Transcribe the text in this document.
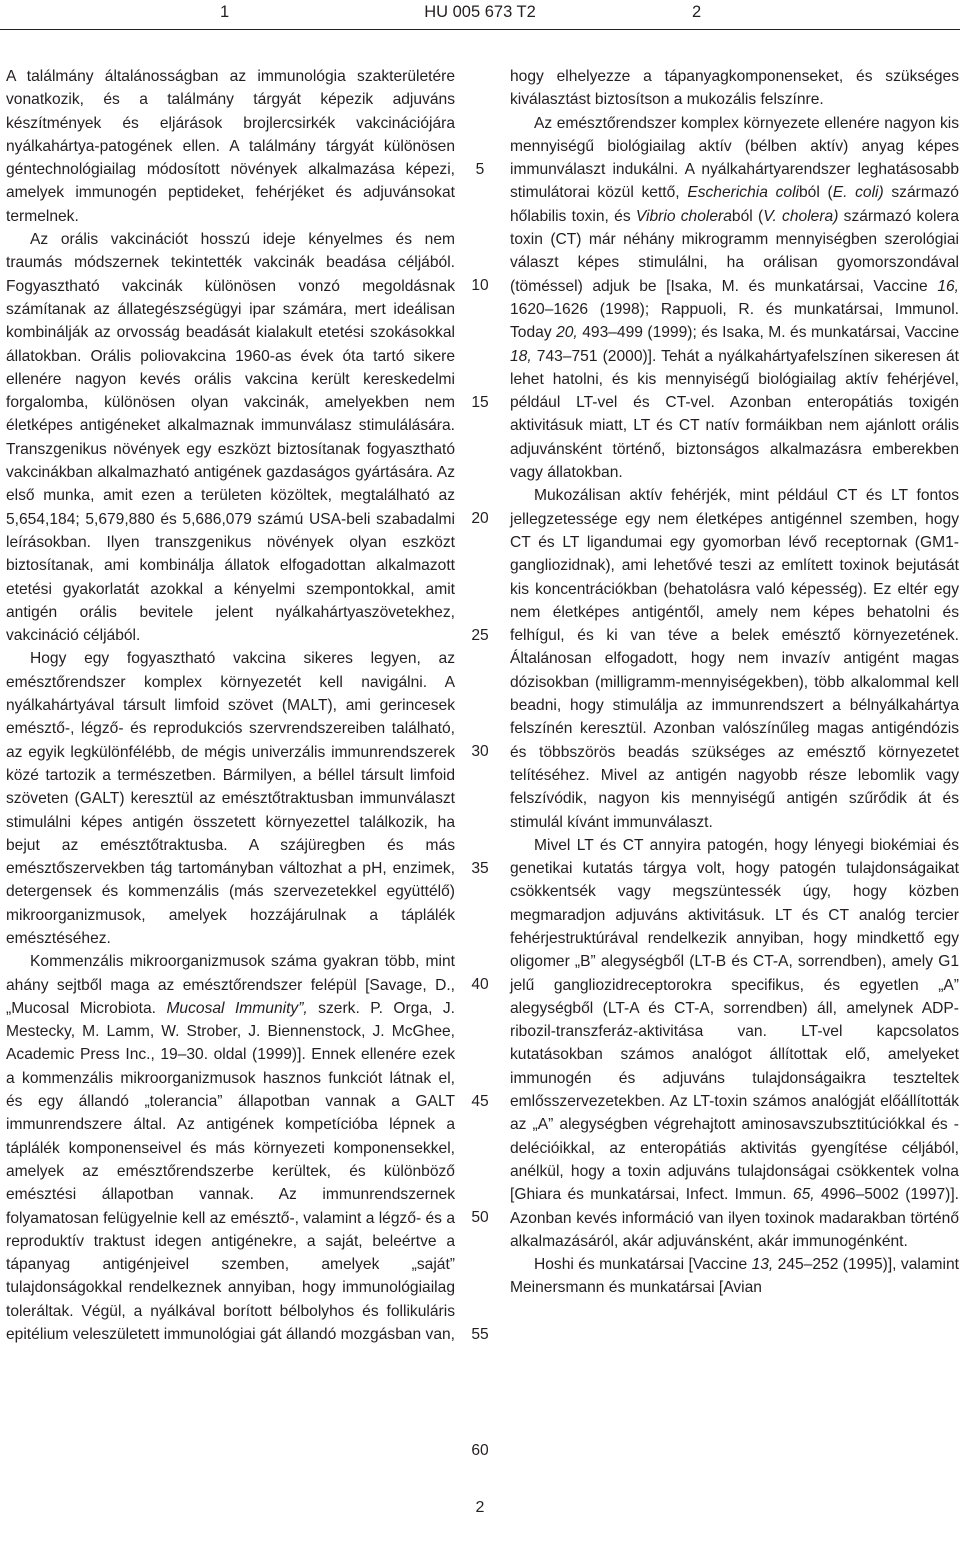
1	HU 005 673 T2	2

A találmány általánosságban az immunológia szakterületére vonatkozik, és a találmány tárgyát képezik adjuváns készítmények és eljárások brojlercsirkék vakcinációjára nyálkahártya-patogének ellen. A találmány tárgyát különösen géntechnológiailag módosított növények alkalmazása képezi, amelyek immunogén peptideket, fehérjéket és adjuvánsokat termelnek.

Az orális vakcinációt hosszú ideje kényelmes és nem traumás módszernek tekintették vakcinák beadása céljából. Fogyasztható vakcinák különösen vonzó megoldásnak számítanak az állategészségügyi ipar számára, mert ideálisan kombinálják az orvosság beadását kialakult etetési szokásokkal állatokban. Orális poliovakcina 1960-as évek óta tartó sikere ellenére nagyon kevés orális vakcina került kereskedelmi forgalomba, különösen olyan vakcinák, amelyekben nem életképes antigéneket alkalmaznak immunválasz stimulálására. Transzgenikus növények egy eszközt biztosítanak fogyasztható vakcinákban alkalmazható antigének gazdaságos gyártására. Az első munka, amit ezen a területen közöltek, megtalálható az 5,654,184; 5,679,880 és 5,686,079 számú USA-beli szabadalmi leírásokban. Ilyen transzgenikus növények olyan eszközt biztosítanak, ami kombinálja állatok elfogadottan alkalmazott etetési gyakorlatát azokkal a kényelmi szempontokkal, amit antigén orális bevitele jelent nyálkahártyaszövetekhez, vakcináció céljából.

Hogy egy fogyasztható vakcina sikeres legyen, az emésztőrendszer komplex környezetét kell navigálni. A nyálkahártyával társult limfoid szövet (MALT), ami gerincesek emésztő-, légző- és reprodukciós szervrendszereiben található, az egyik legkülönfélébb, de mégis univerzális immunrendszerek közé tartozik a természetben. Bármilyen, a béllel társult limfoid szöveten (GALT) keresztül az emésztőtraktusban immunválaszt stimulálni képes antigén összetett környezettel találkozik, ha bejut az emésztőtraktusba. A szájüregben és más emésztőszervekben tág tartományban változhat a pH, enzimek, detergensek és kommenzális (más szervezetekkel együttélő) mikroorganizmusok, amelyek hozzájárulnak a táplálék emésztéséhez.

Kommenzális mikroorganizmusok száma gyakran több, mint ahány sejtből maga az emésztőrendszer felépül [Savage, D., „Mucosal Microbiota. Mucosal Immunity”, szerk. P. Orga, J. Mestecky, M. Lamm, W. Strober, J. Biennenstock, J. McGhee, Academic Press Inc., 19–30. oldal (1999)]. Ennek ellenére ezek a kommenzális mikroorganizmusok hasznos funkciót látnak el, és egy állandó „tolerancia” állapotban vannak a GALT immunrendszere által. Az antigének kompetícióba lépnek a táplálék komponenseivel és más környezeti komponensekkel, amelyek az emésztőrendszerbe kerültek, és különböző emésztési állapotban vannak. Az immunrendszernek folyamatosan felügyelnie kell az emésztő-, valamint a légző- és a reproduktív traktust idegen antigénekre, a saját, beleértve a tápanyag antigénjeivel szemben, amelyek „saját” tulajdonságokkal rendelkeznek annyiban, hogy immunológiailag toleráltak. Végül, a nyálkával borított bélbolyhos és follikuláris epitélium veleszületett immunológiai gát állandó mozgásban van,

5
10
15
20
25
30
35
40
45
50
55
60

hogy elhelyezze a tápanyagkomponenseket, és szükséges kiválasztást biztosítson a mukozális felszínre.

Az emésztőrendszer komplex környezete ellenére nagyon kis mennyiségű biológiailag aktív (bélben aktív) anyag képes immunválaszt indukálni. A nyálkahártyarendszer leghatásosabb stimulátorai közül kettő, Escherichia coliból (E. coli) származó hőlabilis toxin, és Vibrio choleraból (V. cholera) származó kolera toxin (CT) már néhány mikrogramm mennyiségben szerológiai választ képes stimulálni, ha orálisan gyomorszondával (töméssel) adjuk be [Isaka, M. és munkatársai, Vaccine 16, 1620–1626 (1998); Rappuoli, R. és munkatársai, Immunol. Today 20, 493–499 (1999); és Isaka, M. és munkatársai, Vaccine 18, 743–751 (2000)]. Tehát a nyálkahártyafelszínen sikeresen át lehet hatolni, és kis mennyiségű biológiailag aktív fehérjével, például LT-vel és CT-vel. Azonban enteropátiás toxigén aktivitásuk miatt, LT és CT natív formáikban nem ajánlott orális adjuvánsként történő, biztonságos alkalmazásra emberekben vagy állatokban.

Mukozálisan aktív fehérjék, mint például CT és LT fontos jellegzetessége egy nem életképes antigénnel szemben, hogy CT és LT ligandumai egy gyomorban lévő receptornak (GM1-gangliozidnak), ami lehetővé teszi az említett toxinok bejutását kis koncentrációkban (behatolásra való képesség). Ez eltér egy nem életképes antigéntől, amely nem képes behatolni és felhígul, és ki van téve a belek emésztő környezetének. Általánosan elfogadott, hogy nem invazív antigént magas dózisokban (milligramm-mennyiségekben), több alkalommal kell beadni, hogy stimulálja az immunrendszert a bélnyálkahártya felszínén keresztül. Azonban valószínűleg magas antigéndózis és többszörös beadás szükséges az emésztő környezetet telítéséhez. Mivel az antigén nagyobb része lebomlik vagy felszívódik, nagyon kis mennyiségű antigén szűrődik át és stimulál kívánt immunválaszt.

Mivel LT és CT annyira patogén, hogy lényegi biokémiai és genetikai kutatás tárgya volt, hogy patogén tulajdonságaikat csökkentsék vagy megszüntessék úgy, hogy közben megmaradjon adjuváns aktivitásuk. LT és CT analóg tercier fehérjestruktúrával rendelkezik annyiban, hogy mindkettő egy oligomer „B” alegységből (LT-B és CT-A, sorrendben), amely G1 jelű gangliozidreceptorokra specifikus, és egyetlen „A” alegységből (LT-A és CT-A, sorrendben) áll, amelynek ADP-ribozil-transzferáz-aktivitása van. LT-vel kapcsolatos kutatásokban számos analógot állítottak elő, amelyeket immunogén és adjuváns tulajdonságaikra teszteltek emlősszervezetekben. Az LT-toxin számos analógját előállították az „A” alegységben végrehajtott aminosavszubsztitúciókkal és -delécióikkal, az enteropátiás aktivitás gyengítése céljából, anélkül, hogy a toxin adjuváns tulajdonságai csökkentek volna [Ghiara és munkatársai, Infect. Immun. 65, 4996–5002 (1997)]. Azonban kevés információ van ilyen toxinok madarakban történő alkalmazásáról, akár adjuvánsként, akár immunogénként.

Hoshi és munkatársai [Vaccine 13, 245–252 (1995)], valamint Meinersmann és munkatársai [Avian

2
